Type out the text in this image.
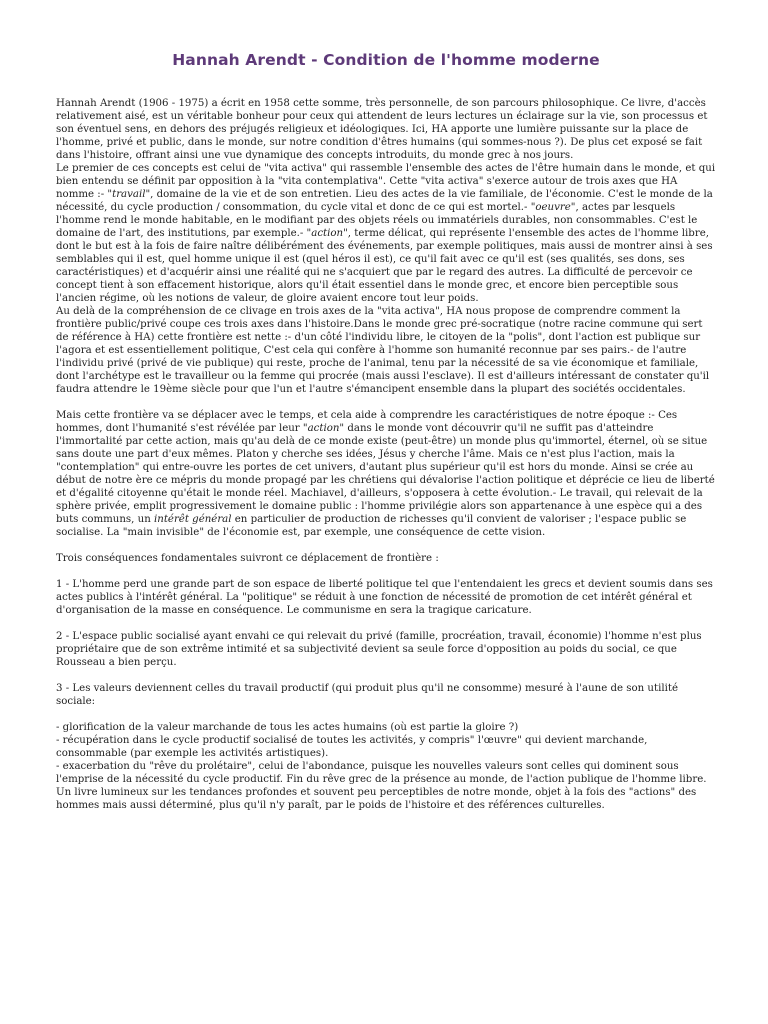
Hannah Arendt - Condition de l'homme moderne

Hannah Arendt (1906 - 1975) a écrit en 1958 cette somme, très personnelle, de son parcours philosophique. Ce livre, d'accès relativement aisé, est un véritable bonheur pour ceux qui attendent de leurs lectures un éclairage sur la vie, son processus et son éventuel sens, en dehors des préjugés religieux et idéologiques. Ici, HA apporte une lumière puissante sur la place de l'homme, privé et public, dans le monde, sur notre condition d'êtres humains (qui sommes-nous ?). De plus cet exposé se fait dans l'histoire, offrant ainsi une vue dynamique des concepts introduits, du monde grec à nos jours.

Le premier de ces concepts est celui de "vita activa" qui rassemble l'ensemble des actes de l'être humain dans le monde, et qui bien entendu se définit par opposition à la "vita contemplativa". Cette "vita activa" s'exerce autour de trois axes que HA nomme :- "travail", domaine de la vie et de son entretien. Lieu des actes de la vie familiale, de l'économie. C'est le monde de la nécessité, du cycle production / consommation, du cycle vital et donc de ce qui est mortel.- "oeuvre", actes par lesquels l'homme rend le monde habitable, en le modifiant par des objets réels ou immatériels durables, non consommables. C'est le domaine de l'art, des institutions, par exemple.- "action", terme délicat, qui représente l'ensemble des actes de l'homme libre, dont le but est à la fois de faire naître délibérément des événements, par exemple politiques, mais aussi de montrer ainsi à ses semblables qui il est, quel homme unique il est (quel héros il est), ce qu'il fait avec ce qu'il est (ses qualités, ses dons, ses caractéristiques) et d'acquérir ainsi une réalité qui ne s'acquiert que par le regard des autres. La difficulté de percevoir ce concept tient à son effacement historique, alors qu'il était essentiel dans le monde grec, et encore bien perceptible sous l'ancien régime, où les notions de valeur, de gloire avaient encore tout leur poids.

Au delà de la compréhension de ce clivage en trois axes de la "vita activa", HA nous propose de comprendre comment la frontière public/privé coupe ces trois axes dans l'histoire.Dans le monde grec pré-socratique (notre racine commune qui sert de référence à HA) cette frontière est nette :- d'un côté l'individu libre, le citoyen de la "polis", dont l'action est publique sur l'agora et est essentiellement politique, C'est cela qui confère à l'homme son humanité reconnue par ses pairs.- de l'autre l'individu privé (privé de vie publique) qui reste, proche de l'animal, tenu par la nécessité de sa vie économique et familiale, dont l'archétype est le travailleur ou la femme qui procrée (mais aussi l'esclave). Il est d'ailleurs intéressant de constater qu'il faudra attendre le 19ème siècle pour que l'un et l'autre s'émancipent ensemble dans la plupart des sociétés occidentales.

Mais cette frontière va se déplacer avec le temps, et cela aide à comprendre les caractéristiques de notre époque :- Ces hommes, dont l'humanité s'est révélée par leur "action" dans le monde vont découvrir qu'il ne suffit pas d'atteindre l'immortalité par cette action, mais qu'au delà de ce monde existe (peut-être) un monde plus qu'immortel, éternel, où se situe sans doute une part d'eux mêmes. Platon y cherche ses idées, Jésus y cherche l'âme. Mais ce n'est plus l'action, mais la "contemplation" qui entre-ouvre les portes de cet univers, d'autant plus supérieur qu'il est hors du monde. Ainsi se crée au début de notre ère ce mépris du monde propagé par les chrétiens qui dévalorise l'action politique et déprécie ce lieu de liberté et d'égalité citoyenne qu'était le monde réel. Machiavel, d'ailleurs, s'opposera à cette évolution.- Le travail, qui relevait de la sphère privée, emplit progressivement le domaine public : l'homme privilégie alors son appartenance à une espèce qui a des buts communs, un intérêt général en particulier de production de richesses qu'il convient de valoriser ; l'espace public se socialise. La "main invisible" de l'économie est, par exemple, une conséquence de cette vision.

Trois conséquences fondamentales suivront ce déplacement de frontière :

1 - L'homme perd une grande part de son espace de liberté politique tel que l'entendaient les grecs et devient soumis dans ses actes publics à l'intérêt général. La "politique" se réduit à une fonction de nécessité de promotion de cet intérêt général et d'organisation de la masse en conséquence. Le communisme en sera la tragique caricature.

2 - L'espace public socialisé ayant envahi ce qui relevait du privé (famille, procréation, travail, économie) l'homme n'est plus propriétaire que de son extrême intimité et sa subjectivité devient sa seule force d'opposition au poids du social, ce que Rousseau a bien perçu.

3 - Les valeurs deviennent celles du travail productif (qui produit plus qu'il ne consomme) mesuré à l'aune de son utilité sociale:

- glorification de la valeur marchande de tous les actes humains (où est partie la gloire ?)

- récupération dans le cycle productif socialisé de toutes les activités, y compris" l'œuvre" qui devient marchande, consommable (par exemple les activités artistiques).

- exacerbation du "rêve du prolétaire", celui de l'abondance, puisque les nouvelles valeurs sont celles qui dominent sous l'emprise de la nécessité du cycle productif. Fin du rêve grec de la présence au monde, de l'action publique de l'homme libre.

Un livre lumineux sur les tendances profondes et souvent peu perceptibles de notre monde, objet à la fois des "actions" des hommes mais aussi déterminé, plus qu'il n'y paraît, par le poids de l'histoire et des références culturelles.
